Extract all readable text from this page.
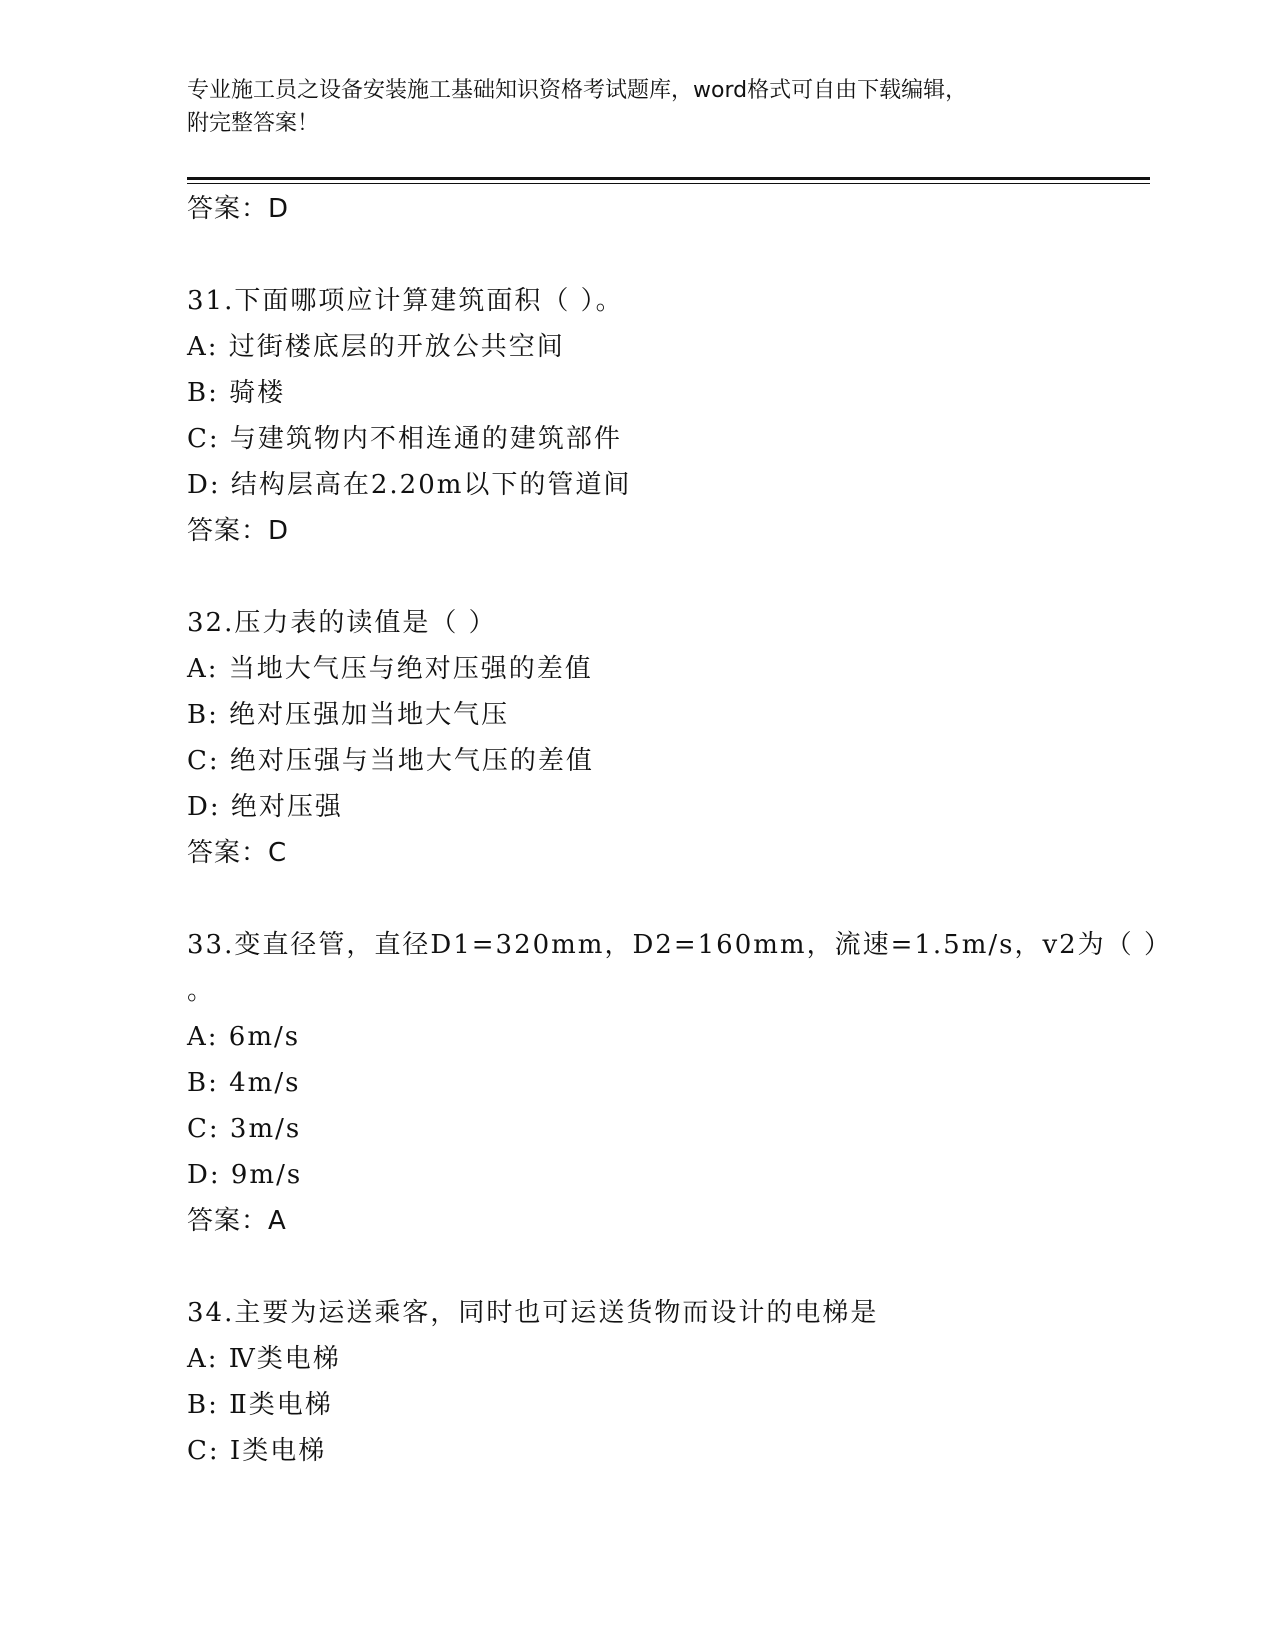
专业施工员之设备安装施工基础知识资格考试题库，word格式可自由下载编辑，
附完整答案！
答案：D
31.下面哪项应计算建筑面积（ ）。
A: 过街楼底层的开放公共空间
B: 骑楼
C: 与建筑物内不相连通的建筑部件
D: 结构层高在2.20m以下的管道间
答案：D
32.压力表的读值是（ ）
A: 当地大气压与绝对压强的差值
B: 绝对压强加当地大气压
C: 绝对压强与当地大气压的差值
D: 绝对压强
答案：C
33.变直径管，直径D1=320mm，D2=160mm，流速=1.5m/s，v2为（ ）
。
A: 6m/s
B: 4m/s
C: 3m/s
D: 9m/s
答案：A
34.主要为运送乘客，同时也可运送货物而设计的电梯是
A: Ⅳ类电梯
B: Ⅱ类电梯
C: Ⅰ类电梯
